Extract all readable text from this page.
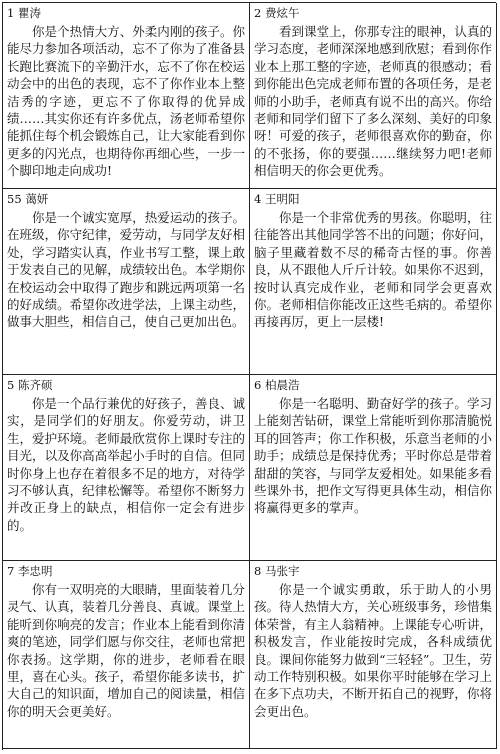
1 瞿涛
你是个热情大方、外柔内刚的孩子。你能尽力参加各项活动，忘不了你为了准备县长跑比赛流下的辛勤汗水，忘不了你在校运动会中的出色的表现，忘不了你作业本上整洁秀的字迹，更忘不了你取得的优异成绩……其实你还有许多优点，汤老师希望你能抓住每个机会锻炼自己，让大家能看到你更多的闪光点，也期待你再细心些，一步一个脚印地走向成功!
2 费炫午
看到课堂上，你那专注的眼神，认真的学习态度，老师深深地感到欣慰；看到你作业本上那工整的字迹，老师真的很感动；看到你能出色完成老师布置的各项任务，是老师的小助手，老师真有说不出的高兴。你给老师和同学们留下了多么深刻、美好的印象呀！可爱的孩子，老师很喜欢你的勤奋，你的不张扬，你的要强……继续努力吧!老师相信明天的你会更优秀。
55 蔼妍
你是一个诚实宽厚，热爱运动的孩子。在班级，你守纪律，爱劳动，与同学友好相处，学习踏实认真，作业书写工整，课上敢于发表自己的见解，成绩较出色。本学期你在校运动会中取得了跑步和跳远两项第一名的好成绩。希望你改进学法，上课主动些，做事大胆些，相信自己，使自己更加出色。
4 王明阳
你是一个非常优秀的男孩。你聪明，往往能答出其他同学答不出的问题；你好问，脑子里藏着数不尽的稀奇古怪的事。你善良，从不跟他人斤斤计较。如果你不迟到，按时认真完成作业，老师和同学会更喜欢你。老师相信你能改正这些毛病的。希望你再接再厉，更上一层楼!
5 陈齐硕
你是一个品行兼优的好孩子，善良、诚实，是同学们的好朋友。你爱劳动，讲卫生，爱护环境。老师最欣赏你上课时专注的目光，以及你高高举起小手时的自信。但同时你身上也存在着很多不足的地方，对待学习不够认真，纪律松懈等。希望你不断努力并改正身上的缺点，相信你一定会有进步的。
6 柏晨浩
你是一名聪明、勤奋好学的孩子。学习上能刻苦钻研，课堂上常能听到你那清脆悦耳的回答声；你工作积极，乐意当老师的小助手；成绩总是保持优秀；平时你总是带着甜甜的笑容，与同学友爱相处。如果能多看些课外书，把作文写得更具体生动，相信你将赢得更多的掌声。
7 李忠明
你有一双明亮的大眼睛，里面装着几分灵气、认真，装着几分善良、真诚。课堂上能听到你响亮的发言；作业本上能看到你清爽的笔迹，同学们愿与你交往，老师也常把你表扬。这学期，你的进步，老师看在眼里，喜在心头。孩子，希望你能多读书，扩大自己的知识面，增加自己的阅读量，相信你的明天会更美好。
8 马张宇
你是一个诚实勇敢，乐于助人的小男孩。待人热情大方，关心班级事务，珍惜集体荣誉，有主人翁精神。上课能专心听讲，积极发言，作业能按时完成，各科成绩优良。课间你能努力做到“三轻轻”。卫生，劳动工作特别积极。如果你平时能够在学习上在多下点功夫，不断开拓自己的视野，你将会更出色。
